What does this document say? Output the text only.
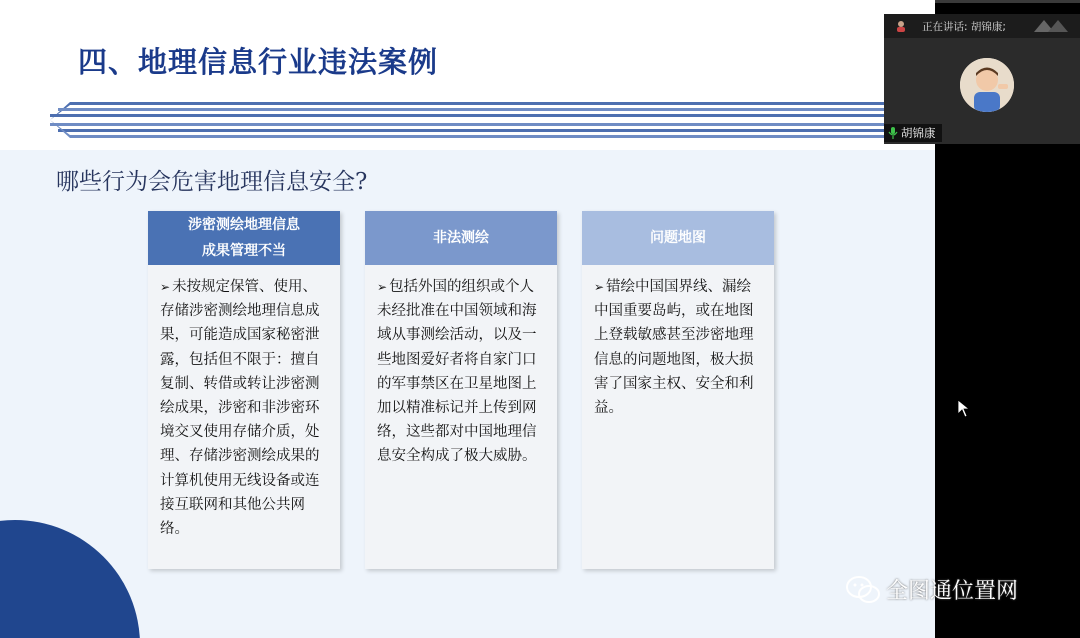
四、地理信息行业违法案例
哪些行为会危害地理信息安全?
涉密测绘地理信息
成果管理不当
➢ 未按规定保管、使用、存储涉密测绘地理信息成果，可能造成国家秘密泄露，包括但不限于：擅自复制、转借或转让涉密测绘成果，涉密和非涉密环境交叉使用存储介质，处理、存储涉密测绘成果的计算机使用无线设备或连接互联网和其他公共网络。
非法测绘
➢ 包括外国的组织或个人未经批准在中国领域和海域从事测绘活动，以及一些地图爱好者将自家门口的军事禁区在卫星地图上加以精准标记并上传到网络，这些都对中国地理信息安全构成了极大威胁。
问题地图
➢ 错绘中国国界线、漏绘中国重要岛屿，或在地图上登载敏感甚至涉密地理信息的问题地图，极大损害了国家主权、安全和利益。
正在讲话: 胡锦康;
胡锦康
全图通位置网
